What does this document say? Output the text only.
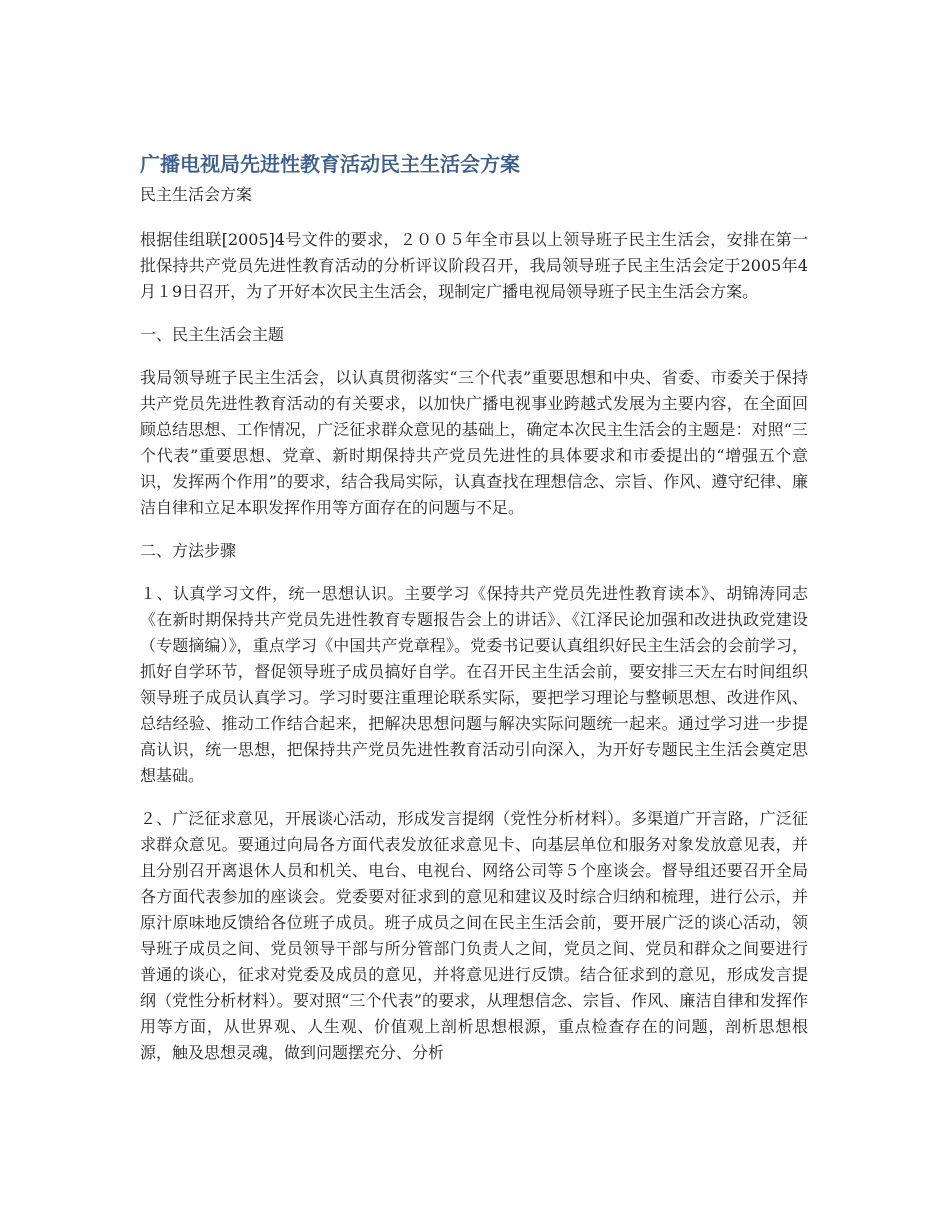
广播电视局先进性教育活动民主生活会方案

民主生活会方案

根据佳组联[2005]4号文件的要求，２００５年全市县以上领导班子民主生活会，安排在第一批保持共产党员先进性教育活动的分析评议阶段召开，我局领导班子民主生活会定于2005年4月１9日召开，为了开好本次民主生活会，现制定广播电视局领导班子民主生活会方案。

一、民主生活会主题

我局领导班子民主生活会，以认真贯彻落实“三个代表”重要思想和中央、省委、市委关于保持共产党员先进性教育活动的有关要求，以加快广播电视事业跨越式发展为主要内容，在全面回顾总结思想、工作情况，广泛征求群众意见的基础上，确定本次民主生活会的主题是：对照“三个代表”重要思想、党章、新时期保持共产党员先进性的具体要求和市委提出的“增强五个意识，发挥两个作用”的要求，结合我局实际，认真查找在理想信念、宗旨、作风、遵守纪律、廉洁自律和立足本职发挥作用等方面存在的问题与不足。

二、方法步骤

１、认真学习文件，统一思想认识。主要学习《保持共产党员先进性教育读本》、胡锦涛同志《在新时期保持共产党员先进性教育专题报告会上的讲话》、《江泽民论加强和改进执政党建设（专题摘编）》，重点学习《中国共产党章程》。党委书记要认真组织好民主生活会的会前学习，抓好自学环节，督促领导班子成员搞好自学。在召开民主生活会前，要安排三天左右时间组织领导班子成员认真学习。学习时要注重理论联系实际，要把学习理论与整顿思想、改进作风、总结经验、推动工作结合起来，把解决思想问题与解决实际问题统一起来。通过学习进一步提高认识，统一思想，把保持共产党员先进性教育活动引向深入，为开好专题民主生活会奠定思想基础。

２、广泛征求意见，开展谈心活动，形成发言提纲（党性分析材料）。多渠道广开言路，广泛征求群众意见。要通过向局各方面代表发放征求意见卡、向基层单位和服务对象发放意见表，并且分别召开离退休人员和机关、电台、电视台、网络公司等５个座谈会。督导组还要召开全局各方面代表参加的座谈会。党委要对征求到的意见和建议及时综合归纳和梳理，进行公示，并原汁原味地反馈给各位班子成员。班子成员之间在民主生活会前，要开展广泛的谈心活动，领导班子成员之间、党员领导干部与所分管部门负责人之间，党员之间、党员和群众之间要进行普通的谈心，征求对党委及成员的意见，并将意见进行反馈。结合征求到的意见，形成发言提纲（党性分析材料）。要对照“三个代表”的要求，从理想信念、宗旨、作风、廉洁自律和发挥作用等方面，从世界观、人生观、价值观上剖析思想根源，重点检查存在的问题，剖析思想根源，触及思想灵魂，做到问题摆充分、分析
